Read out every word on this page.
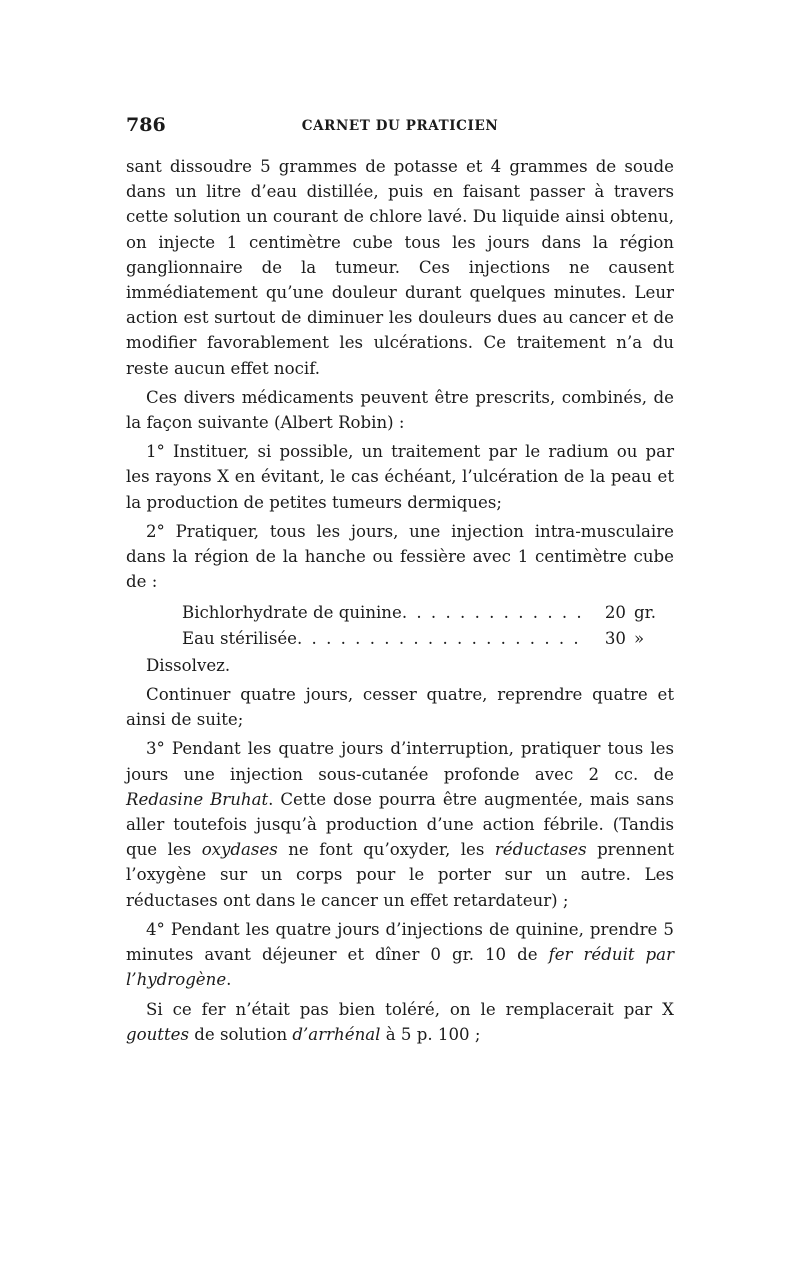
786	CARNET DU PRATICIEN

sant dissoudre 5 grammes de potasse et 4 grammes de soude dans un litre d’eau distillée, puis en faisant passer à travers cette solution un courant de chlore lavé. Du liquide ainsi obtenu, on injecte 1 centimètre cube tous les jours dans la région ganglionnaire de la tumeur. Ces injections ne causent immédiatement qu’une douleur durant quelques minutes. Leur action est surtout de diminuer les douleurs dues au cancer et de modifier favorablement les ulcérations. Ce traitement n’a du reste aucun effet nocif.

Ces divers médicaments peuvent être prescrits, combinés, de la façon suivante (Albert Robin) :

1° Instituer, si possible, un traitement par le radium ou par les rayons X en évitant, le cas échéant, l’ulcération de la peau et la production de petites tumeurs dermiques;

2° Pratiquer, tous les jours, une injection intra-musculaire dans la région de la hanche ou fessière avec 1 centimètre cube de :

Bichlorhydrate de quinine . . .	20 gr.
Eau stérilisée . . .	30 »

Dissolvez.

Continuer quatre jours, cesser quatre, reprendre quatre et ainsi de suite;

3° Pendant les quatre jours d’interruption, pratiquer tous les jours une injection sous-cutanée profonde avec 2 cc. de Redasine Bruhat. Cette dose pourra être augmentée, mais sans aller toutefois jusqu’à production d’une action fébrile. (Tandis que les oxydases ne font qu’oxyder, les réductases prennent l’oxygène sur un corps pour le porter sur un autre. Les réductases ont dans le cancer un effet retardateur) ;

4° Pendant les quatre jours d’injections de quinine, prendre 5 minutes avant déjeuner et dîner 0 gr. 10 de fer réduit par l’hydrogène.

Si ce fer n’était pas bien toléré, on le remplacerait par X gouttes de solution d’arrhénal à 5 p. 100 ;
